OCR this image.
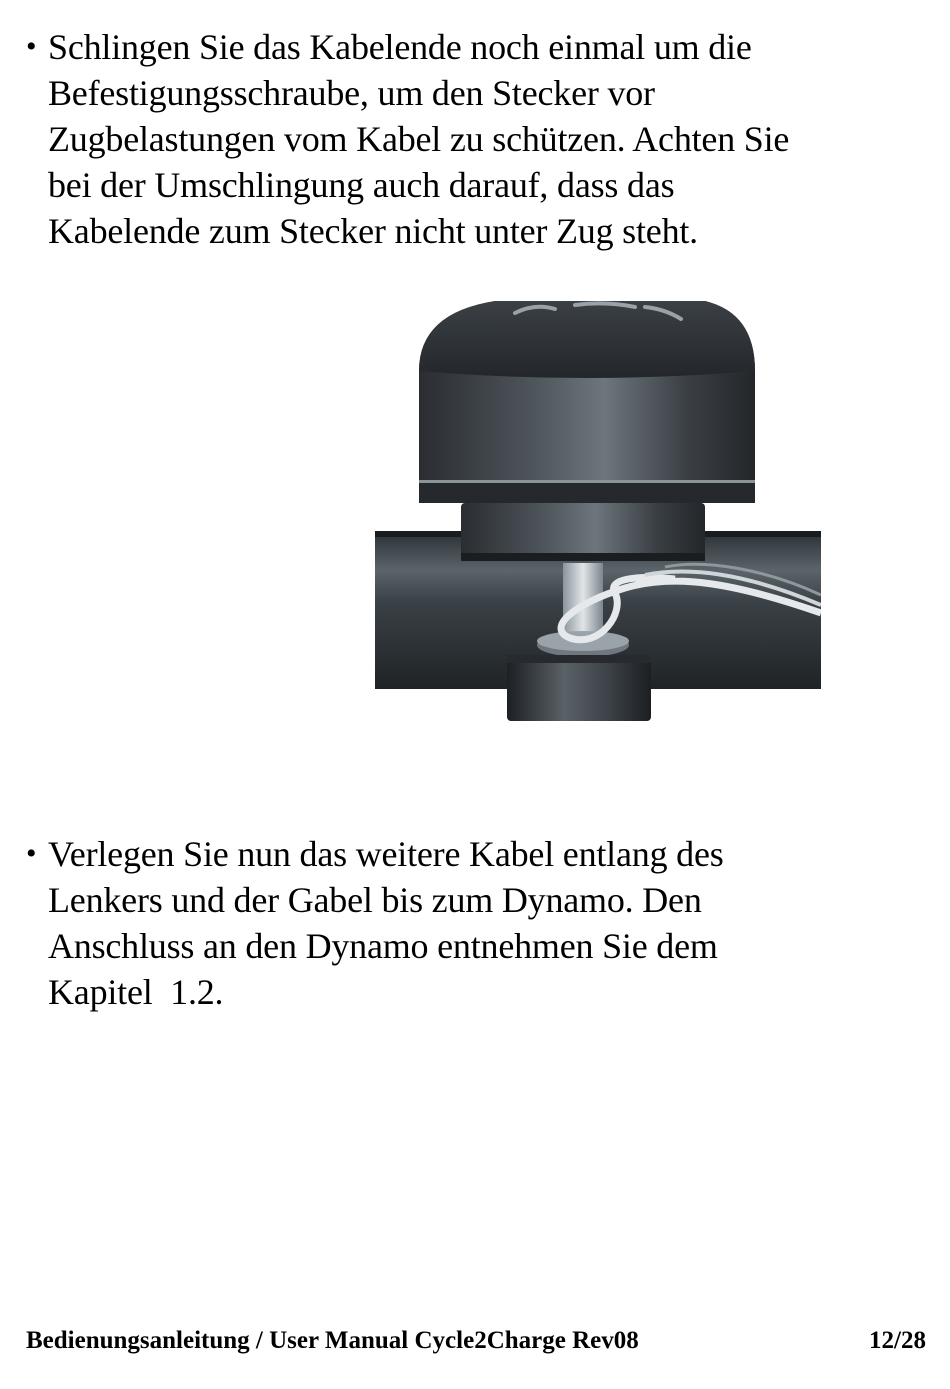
• Schlingen Sie das Kabelende noch einmal um die
Befestigungsschraube, um den Stecker vor
Zugbelastungen vom Kabel zu schützen. Achten Sie
bei der Umschlingung auch darauf, dass das
Kabelende zum Stecker nicht unter Zug steht.
• Verlegen Sie nun das weitere Kabel entlang des
Lenkers und der Gabel bis zum Dynamo. Den
Anschluss an den Dynamo entnehmen Sie dem
Kapitel  1.2.
Bedienungsanleitung / User Manual Cycle2Charge Rev08	12/28
